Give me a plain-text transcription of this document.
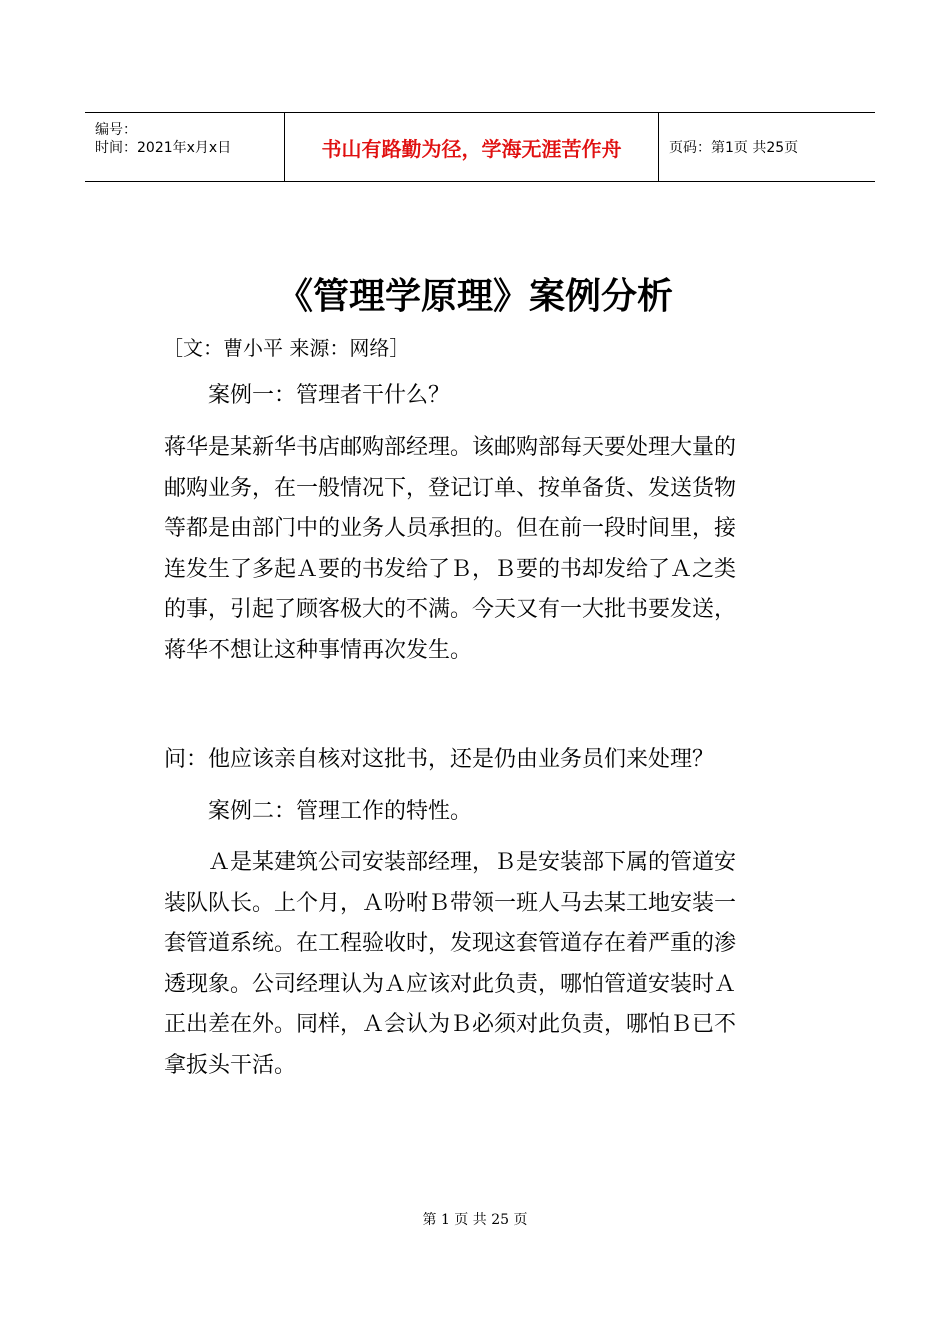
编号：
时间：2021年x月x日	书山有路勤为径，学海无涯苦作舟	页码：第1页 共25页
《管理学原理》案例分析
［文：曹小平 来源：网络］
案例一：管理者干什么？
蒋华是某新华书店邮购部经理。该邮购部每天要处理大量的
邮购业务，在一般情况下，登记订单、按单备货、发送货物
等都是由部门中的业务人员承担的。但在前一段时间里，接
连发生了多起Ａ要的书发给了Ｂ，Ｂ要的书却发给了Ａ之类
的事，引起了顾客极大的不满。今天又有一大批书要发送，
蒋华不想让这种事情再次发生。
问：他应该亲自核对这批书，还是仍由业务员们来处理？
案例二：管理工作的特性。
Ａ是某建筑公司安装部经理，Ｂ是安装部下属的管道安
装队队长。上个月，Ａ吩咐Ｂ带领一班人马去某工地安装一
套管道系统。在工程验收时，发现这套管道存在着严重的渗
透现象。公司经理认为Ａ应该对此负责，哪怕管道安装时Ａ
正出差在外。同样，Ａ会认为Ｂ必须对此负责，哪怕Ｂ已不
拿扳头干活。
第 1 页 共 25 页
